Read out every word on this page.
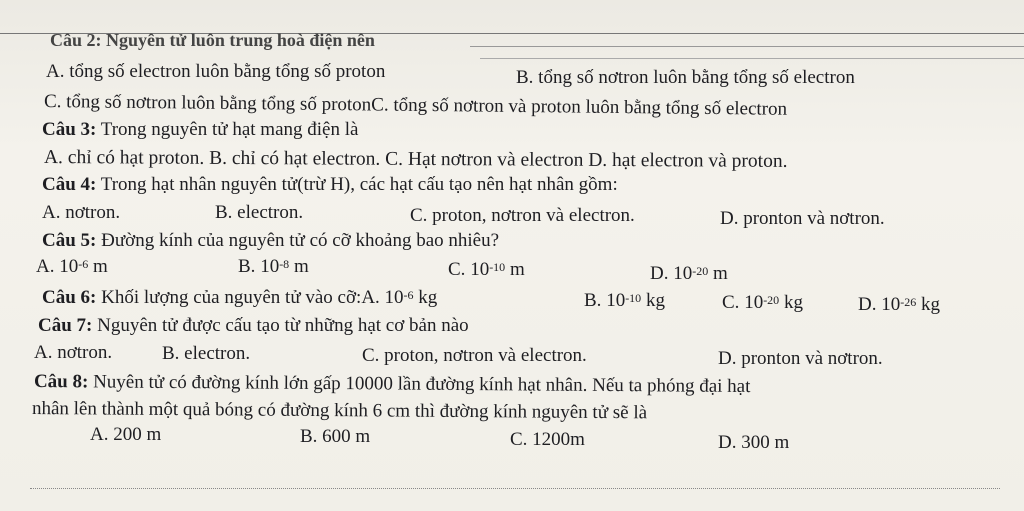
Câu 2: Nguyên tử luôn trung hoà điện nên
A. tổng số electron luôn bằng tổng số proton	B. tổng số nơtron luôn bằng tổng số electron
C. tổng số nơtron luôn bằng tổng số protonC. tổng số nơtron và proton luôn bằng tổng số electron
Câu 3: Trong nguyên tử hạt mang điện là
A. chỉ có hạt proton. B. chỉ có hạt electron. C. Hạt nơtron và electron D. hạt electron và proton.
Câu 4: Trong hạt nhân nguyên tử(trừ H), các hạt cấu tạo nên hạt nhân gồm:
A. nơtron.	B. electron.	C. proton, nơtron và electron.	D. pronton và nơtron.
Câu 5: Đường kính của nguyên tử có cỡ khoảng bao nhiêu?
A. $10^{-6}$ m	B. $10^{-8}$ m	C. $10^{-10}$ m	D. $10^{-20}$ m
Câu 6: Khối lượng của nguyên tử vào cỡ:A. $10^{-6}$ kg	B. $10^{-10}$ kg	C. $10^{-20}$ kg	D. $10^{-26}$ kg
Câu 7: Nguyên tử được cấu tạo từ những hạt cơ bản nào
A. nơtron.	B. electron.	C. proton, nơtron và electron.	D. pronton và nơtron.
Câu 8: Nuyên tử có đường kính lớn gấp 10000 lần đường kính hạt nhân. Nếu ta phóng đại hạt
nhân lên thành một quả bóng có đường kính 6 cm thì đường kính nguyên tử sẽ là
A. 200 m	B. 600 m	C. 1200m	D. 300 m
